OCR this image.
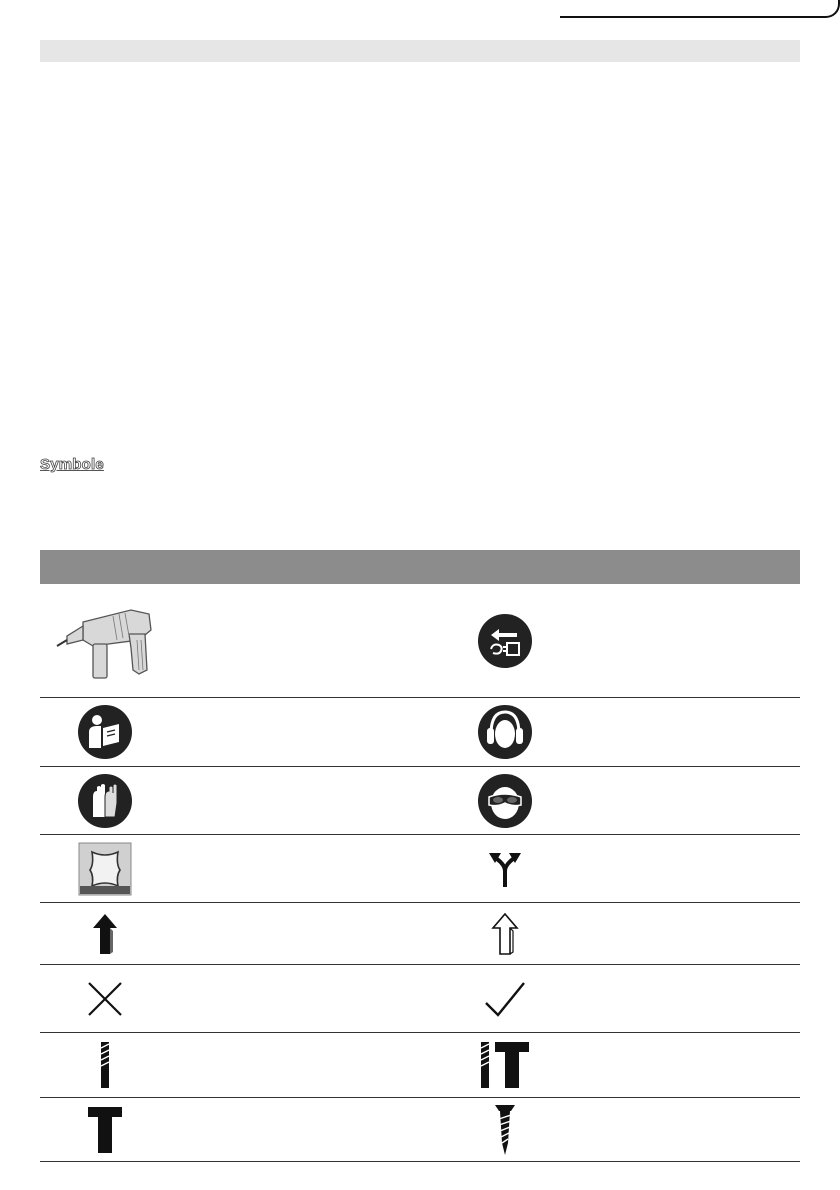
Symbole
